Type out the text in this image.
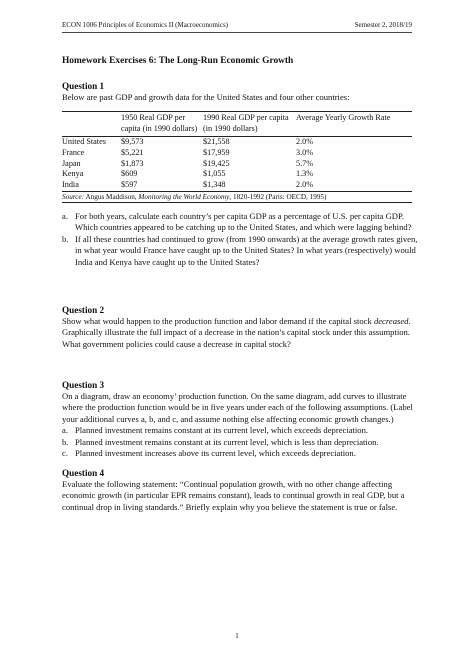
ECON 1006 Principles of Economics II (Macroeconomics)	Semester 2, 2018/19
Homework Exercises 6: The Long-Run Economic Growth

Question 1

Below are past GDP and growth data for the United States and four other countries:

	1950 Real GDP per capita (in 1990 dollars)	1990 Real GDP per capita (in 1990 dollars)	Average Yearly Growth Rate
United States	$9,573	$21,558	2.0%
France	$5,221	$17,959	3.0%
Japan	$1,873	$19,425	5.7%
Kenya	$609	$1,055	1.3%
India	$597	$1,348	2.0%
Source: Angus Maddison, Monitoring the World Economy, 1820-1992 (Paris: OECD, 1995)			
a. For both years, calculate each country’s per capita GDP as a percentage of U.S. per capita GDP. Which countries appeared to be catching up to the United States, and which were lagging behind?
b. If all these countries had continued to grow (from 1990 onwards) at the average growth rates given, in what year would France have caught up to the United States? In what years (respectively) would India and Kenya have caught up to the United States?

Question 2

Show what would happen to the production function and labor demand if the capital stock decreased. Graphically illustrate the full impact of a decrease in the nation’s capital stock under this assumption. What government policies could cause a decrease in capital stock?

Question 3

On a diagram, draw an economy’ production function. On the same diagram, add curves to illustrate where the production function would be in five years under each of the following assumptions. (Label your additional curves a, b, and c, and assume nothing else affecting economic growth changes.)

a. Planned investment remains constant at its current level, which exceeds depreciation.
b. Planned investment remains constant at its current level, which is less than depreciation.
c. Planned investment increases above its current level, which exceeds depreciation.

Question 4

Evaluate the following statement: “Continual population growth, with no other change affecting economic growth (in particular EPR remains constant), leads to continual growth in real GDP, but a continual drop in living standards.” Briefly explain why you believe the statement is true or false.

1
